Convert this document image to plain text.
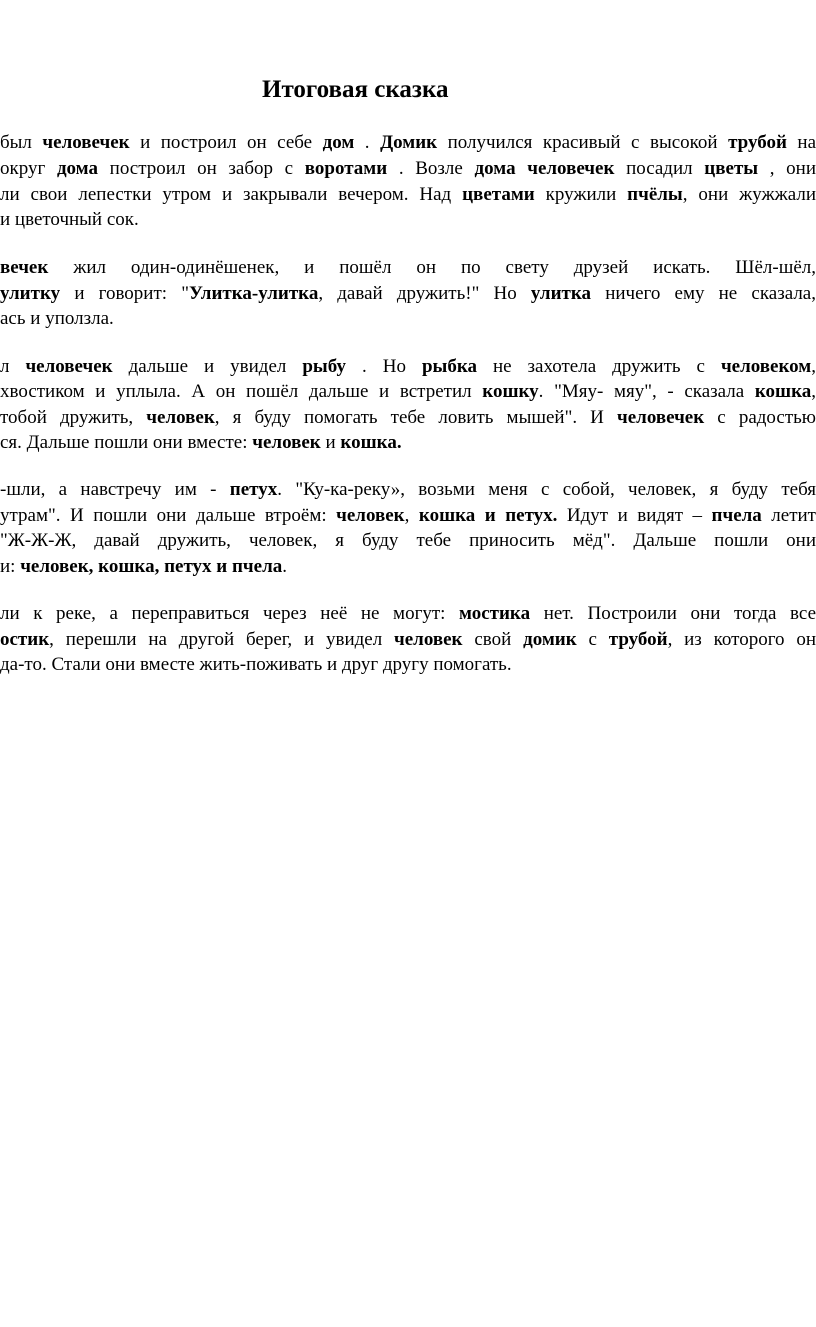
Итоговая сказка
был человечек и построил он себе дом . Домик получился красивый с высокой трубой на
округ дома построил он забор с воротами . Возле дома человечек посадил цветы , они
ли свои лепестки утром и закрывали вечером. Над цветами кружили пчёлы, они жужжали
и цветочный сок.
вечек жил один-одинёшенек, и пошёл он по свету друзей искать. Шёл-шёл,
улитку и говорит: "Улитка-улитка, давай дружить!" Но улитка ничего ему не сказала,
ась и уползла.
л человечек дальше и увидел рыбу . Но рыбка не захотела дружить с человеком,
хвостиком и уплыла. А он пошёл дальше и встретил кошку. "Мяу- мяу", - сказала кошка,
тобой дружить, человек, я буду помогать тебе ловить мышей". И человечек с радостью
ся. Дальше пошли они вместе: человек и кошка.
-шли, а навстречу им - петух. "Ку-ка-реку», возьми меня с собой, человек, я буду тебя
утрам". И пошли они дальше втроём: человек, кошка и петух. Идут и видят – пчела летит
"Ж-Ж-Ж, давай дружить, человек, я буду тебе приносить мёд". Дальше пошли они
и: человек, кошка, петух и пчела.
ли к реке, а переправиться через неё не могут: мостика нет. Построили они тогда все
остик, перешли на другой берег, и увидел человек свой домик с трубой, из которого он
да-то. Стали они вместе жить-поживать и друг другу помогать.
